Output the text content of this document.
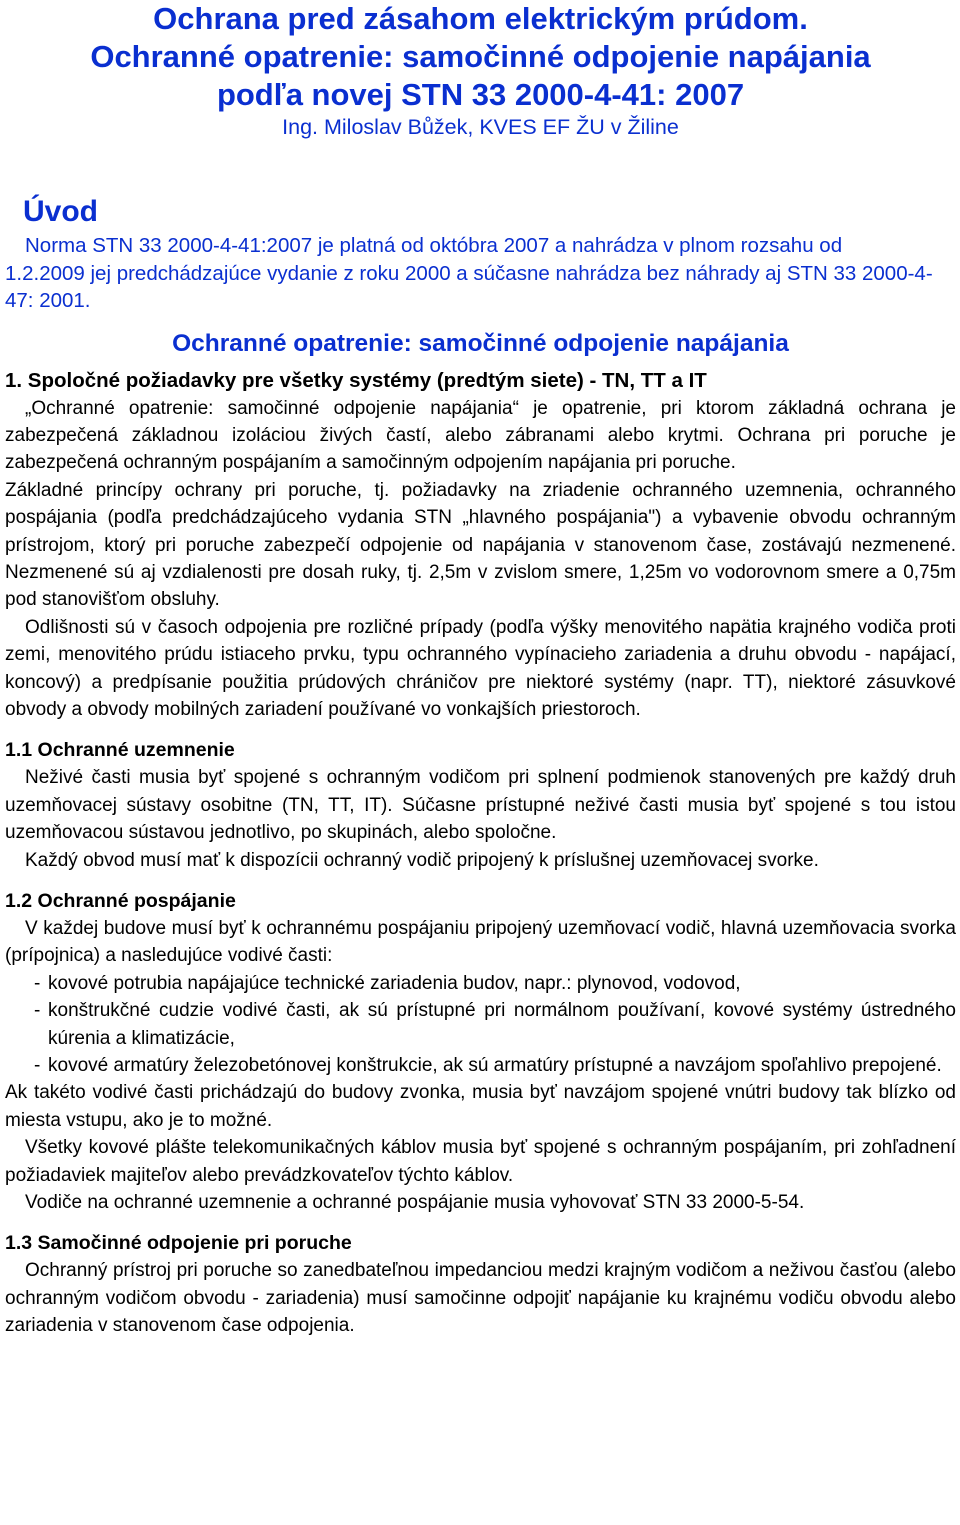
Ochrana pred zásahom elektrickým prúdom.
Ochranné opatrenie: samočinné odpojenie napájania
podľa novej STN 33 2000-4-41: 2007

Ing. Miloslav Bůžek, KVES EF ŽU v Žiline

Úvod

Norma STN 33 2000-4-41:2007 je platná od októbra 2007 a nahrádza v plnom rozsahu od
1.2.2009 jej predchádzajúce vydanie z roku 2000 a súčasne nahrádza bez náhrady aj STN 33 2000-4-47: 2001.

Ochranné opatrenie: samočinné odpojenie napájania

1. Spoločné požiadavky pre všetky systémy (predtým siete) - TN, TT a IT

„Ochranné opatrenie: samočinné odpojenie napájania“ je opatrenie, pri ktorom základná ochrana je zabezpečená základnou izoláciou živých častí, alebo zábranami alebo krytmi. Ochrana pri poruche je zabezpečená ochranným pospájaním a samočinným odpojením napájania pri poruche.

Základné princípy ochrany pri poruche, tj. požiadavky na zriadenie ochranného uzemnenia, ochranného pospájania (podľa predchádzajúceho vydania STN „hlavného pospájania") a vybavenie obvodu ochranným prístrojom, ktorý pri poruche zabezpečí odpojenie od napájania v stanovenom čase, zostávajú nezmenené. Nezmenené sú aj vzdialenosti pre dosah ruky, tj. 2,5m v zvislom smere, 1,25m vo vodorovnom smere a 0,75m pod stanovišťom obsluhy.

Odlišnosti sú v časoch odpojenia pre rozličné prípady (podľa výšky menovitého napätia krajného vodiča proti zemi, menovitého prúdu istiaceho prvku, typu ochranného vypínacieho zariadenia a druhu obvodu - napájací, koncový) a predpísanie použitia prúdových chráničov pre niektoré systémy (napr. TT), niektoré zásuvkové obvody a obvody mobilných zariadení používané vo vonkajších priestoroch.

1.1 Ochranné uzemnenie

Neživé časti musia byť spojené s ochranným vodičom pri splnení podmienok stanovených pre každý druh uzemňovacej sústavy osobitne (TN, TT, IT). Súčasne prístupné neživé časti musia byť spojené s tou istou uzemňovacou sústavou jednotlivo, po skupinách, alebo spoločne.

Každý obvod musí mať k dispozícii ochranný vodič pripojený k príslušnej uzemňovacej svorke.

1.2 Ochranné pospájanie

V každej budove musí byť k ochrannému pospájaniu pripojený uzemňovací vodič, hlavná uzemňovacia svorka (prípojnica) a nasledujúce vodivé časti:

- kovové potrubia napájajúce technické zariadenia budov, napr.: plynovod, vodovod,
- konštrukčné cudzie vodivé časti, ak sú prístupné pri normálnom používaní, kovové systémy ústredného kúrenia a klimatizácie,
- kovové armatúry železobetónovej konštrukcie, ak sú armatúry prístupné a navzájom spoľahlivo prepojené.

Ak takéto vodivé časti prichádzajú do budovy zvonka, musia byť navzájom spojené vnútri budovy tak blízko od miesta vstupu, ako je to možné.

Všetky kovové plášte telekomunikačných káblov musia byť spojené s ochranným pospájaním, pri zohľadnení požiadaviek majiteľov alebo prevádzkovateľov týchto káblov.

Vodiče na ochranné uzemnenie a ochranné pospájanie musia vyhovovať STN 33 2000-5-54.

1.3 Samočinné odpojenie pri poruche

Ochranný prístroj pri poruche so zanedbateľnou impedanciou medzi krajným vodičom a neživou časťou (alebo ochranným vodičom obvodu - zariadenia) musí samočinne odpojiť napájanie ku krajnému vodiču obvodu alebo zariadenia v stanovenom čase odpojenia.
